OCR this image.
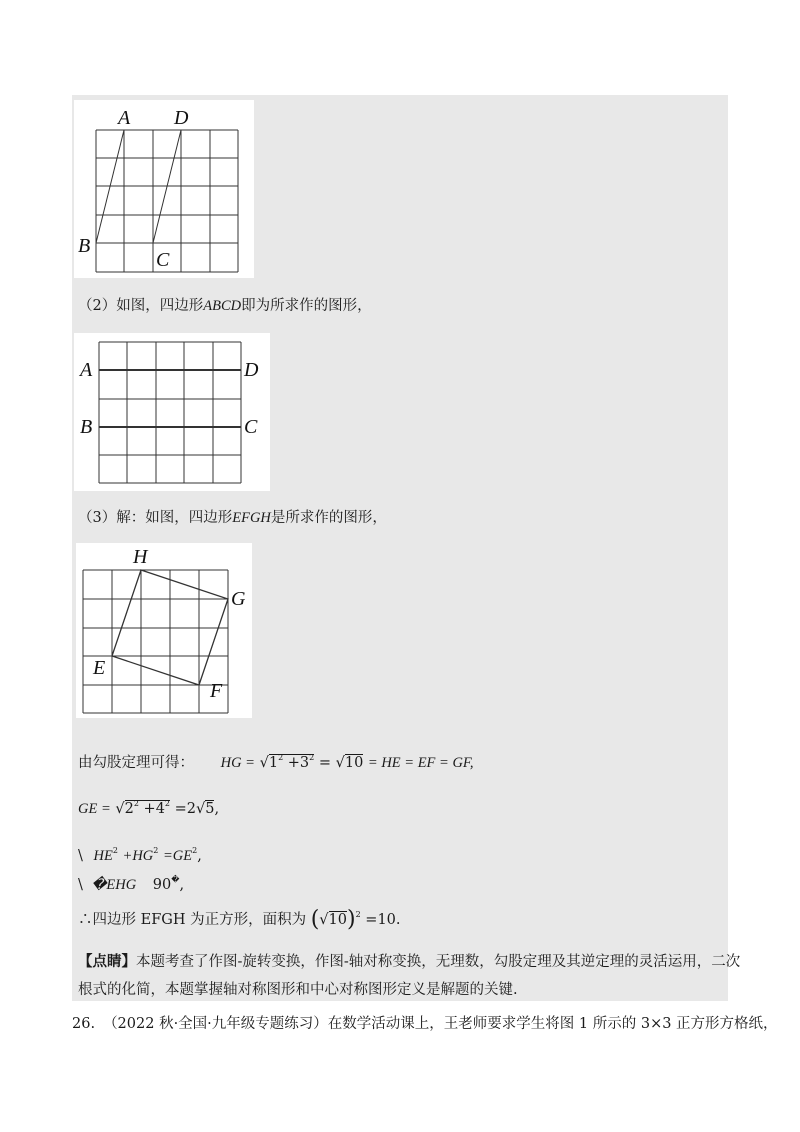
A D
B
C
（2）如图，四边形ABCD即为所求作的图形，
A	D
B	C
（3）解：如图，四边形EFGH是所求作的图形，
H
G
E
F
由勾股定理可得： HG = $√1^2 +3^2 = √10$ = HE = EF = GF,
GE = $√2^2 +4^2 =2√5$,
\ $HE^2 +HG^2 =GE^2$,
\ �EHG 90�,
∴四边形 EFGH 为正方形，面积为 $(√10)^2 =10$.
【点睛】本题考查了作图-旋转变换，作图-轴对称变换，无理数，勾股定理及其逆定理的灵活运用，二次
根式的化简，本题掌握轴对称图形和中心对称图形定义是解题的关键.
26. （2022 秋·全国·九年级专题练习）在数学活动课上，王老师要求学生将图 1 所示的 3×3 正方形方格纸，
